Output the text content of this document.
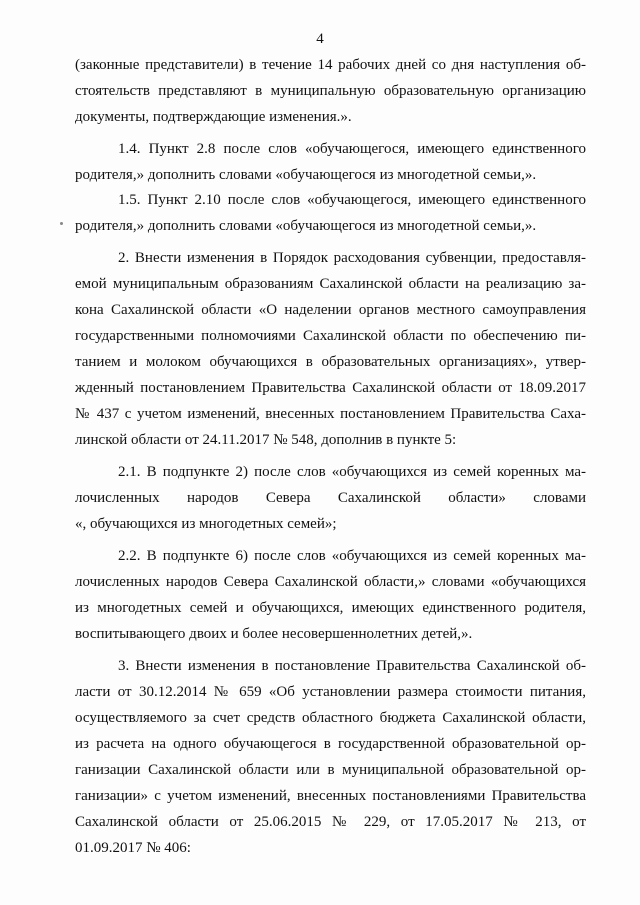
4
(законные представители) в течение 14 рабочих дней со дня наступления об-
стоятельств представляют в муниципальную образовательную организацию
документы, подтверждающие изменения.».
1.4. Пункт 2.8 после слов «обучающегося, имеющего единственного
родителя,» дополнить словами «обучающегося из многодетной семьи,».
1.5. Пункт 2.10 после слов «обучающегося, имеющего единственного
родителя,» дополнить словами «обучающегося из многодетной семьи,».
2. Внести изменения в Порядок расходования субвенции, предоставля-
емой муниципальным образованиям Сахалинской области на реализацию за-
кона Сахалинской области «О наделении органов местного самоуправления
государственными полномочиями Сахалинской области по обеспечению пи-
танием и молоком обучающихся в образовательных организациях», утвер-
жденный постановлением Правительства Сахалинской области от 18.09.2017
№ 437 с учетом изменений, внесенных постановлением Правительства Саха-
линской области от 24.11.2017 № 548, дополнив в пункте 5:
2.1. В подпункте 2) после слов «обучающихся из семей коренных ма-
лочисленных народов Севера Сахалинской области» словами
«, обучающихся из многодетных семей»;
2.2. В подпункте 6) после слов «обучающихся из семей коренных ма-
лочисленных народов Севера Сахалинской области,» словами «обучающихся
из многодетных семей и обучающихся, имеющих единственного родителя,
воспитывающего двоих и более несовершеннолетних детей,».
3. Внести изменения в постановление Правительства Сахалинской об-
ласти от 30.12.2014 № 659 «Об установлении размера стоимости питания,
осуществляемого за счет средств областного бюджета Сахалинской области,
из расчета на одного обучающегося в государственной образовательной ор-
ганизации Сахалинской области или в муниципальной образовательной ор-
ганизации» с учетом изменений, внесенных постановлениями Правительства
Сахалинской области от 25.06.2015 № 229, от 17.05.2017 № 213, от
01.09.2017 № 406:
